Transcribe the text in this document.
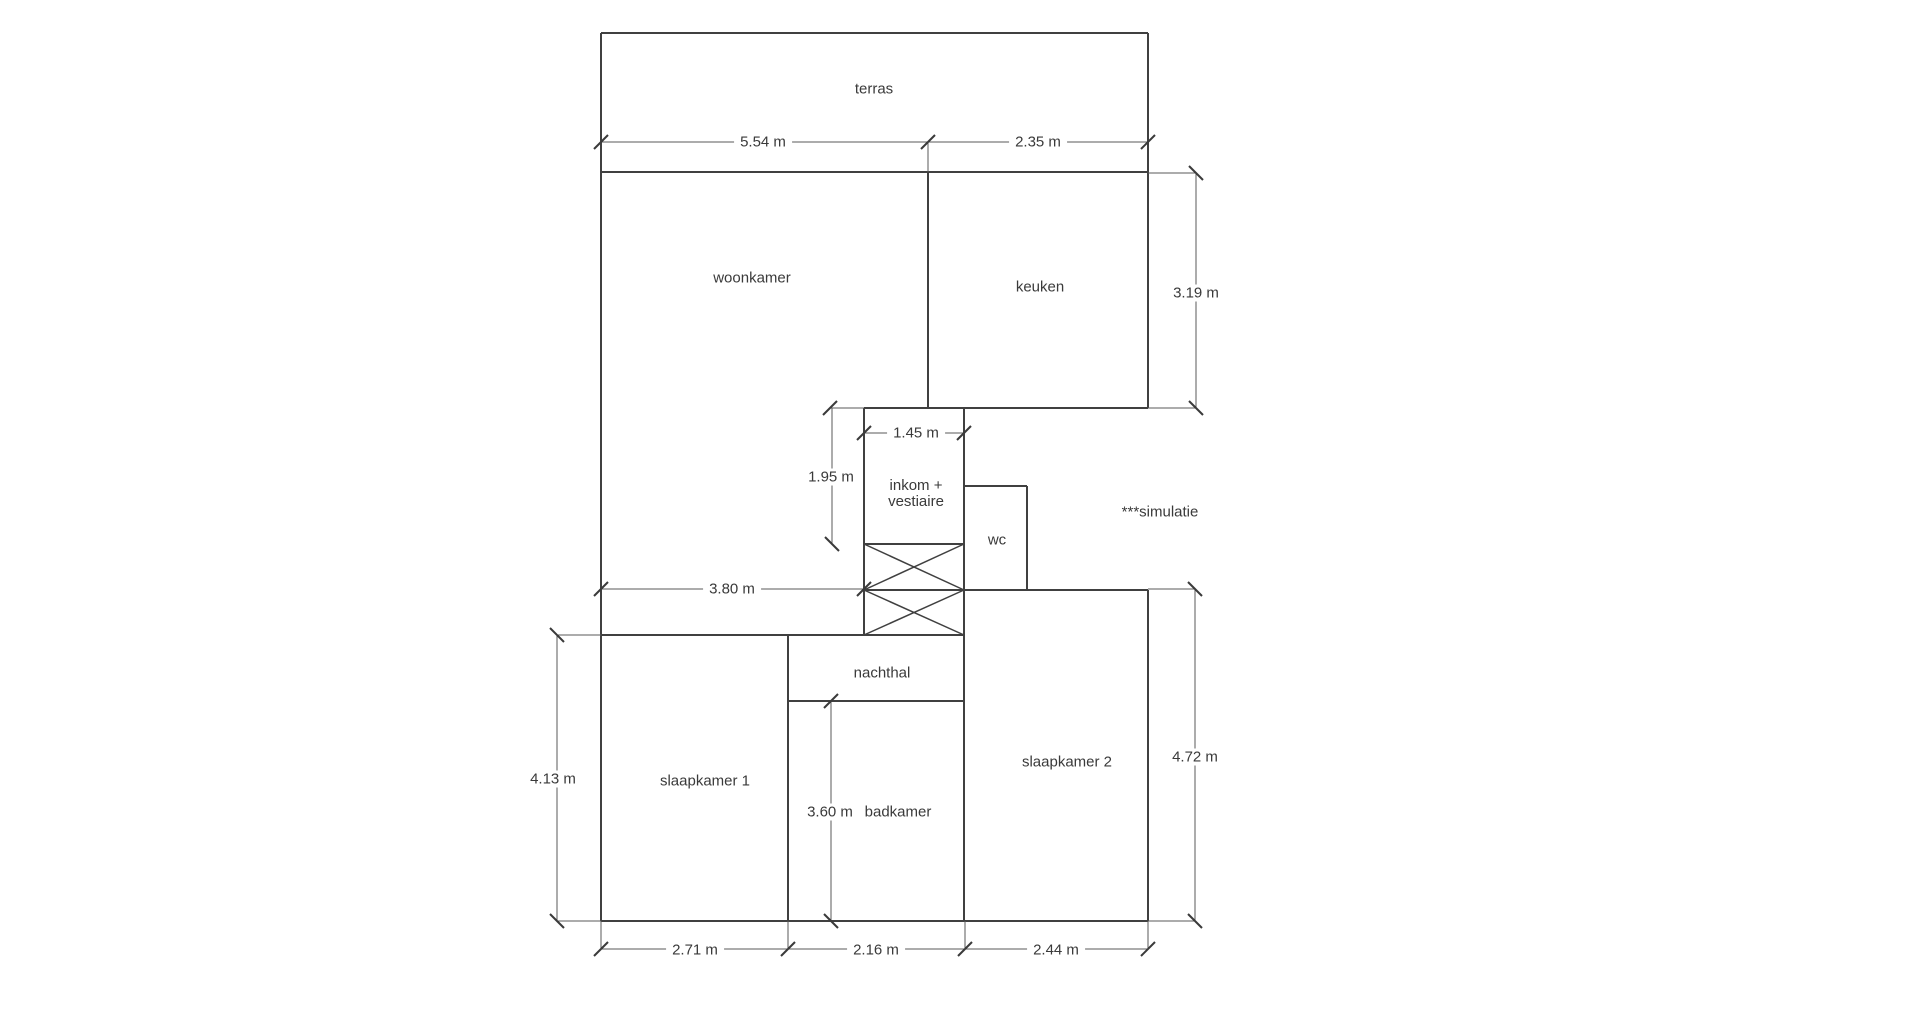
terras
woonkamer
keuken
inkom +
vestiaire
wc
***simulatie
nachthal
slaapkamer 1
badkamer
slaapkamer 2
5.54 m	2.35 m
3.19 m
1.45 m
1.95 m
3.80 m
4.13 m
3.60 m
4.72 m
2.71 m	2.16 m	2.44 m
